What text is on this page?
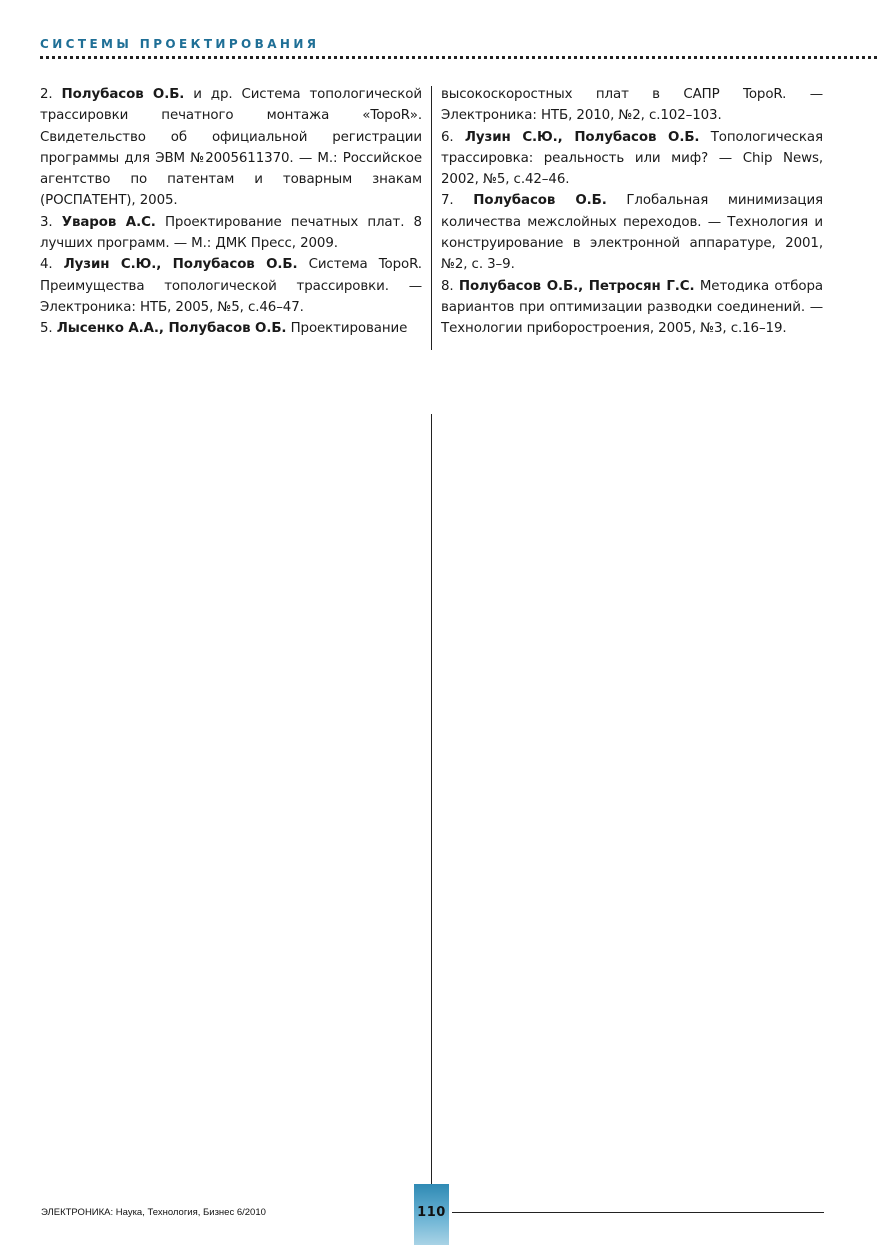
СИСТЕМЫ ПРОЕКТИРОВАНИЯ

2. Полубасов О.Б. и др. Система топологической трассировки печатного монтажа «TopoR». Свидетельство об официальной регистрации программы для ЭВМ №2005611370. — М.: Российское агентство по патентам и товарным знакам (РОСПАТЕНТ), 2005.

3. Уваров А.С. Проектирование печатных плат. 8 лучших программ. — М.: ДМК Пресс, 2009.

4. Лузин С.Ю., Полубасов О.Б. Система TopoR. Преимущества топологической трассировки. — Электроника: НТБ, 2005, №5, с.46–47.

5. Лысенко А.А., Полубасов О.Б. Проектирование

высокоскоростных плат в САПР TopoR. — Электроника: НТБ, 2010, №2, с.102–103.

6. Лузин С.Ю., Полубасов О.Б. Топологическая трассировка: реальность или миф? — Chip News, 2002, №5, с.42–46.

7. Полубасов О.Б. Глобальная минимизация количества межслойных переходов. — Технология и конструирование в электронной аппаратуре, 2001, №2, с. 3–9.

8. Полубасов О.Б., Петросян Г.С. Методика отбора вариантов при оптимизации разводки соединений. — Технологии приборостроения, 2005, №3, с.16–19.

ЭЛЕКТРОНИКА: Наука, Технология, Бизнес 6/2010	110
